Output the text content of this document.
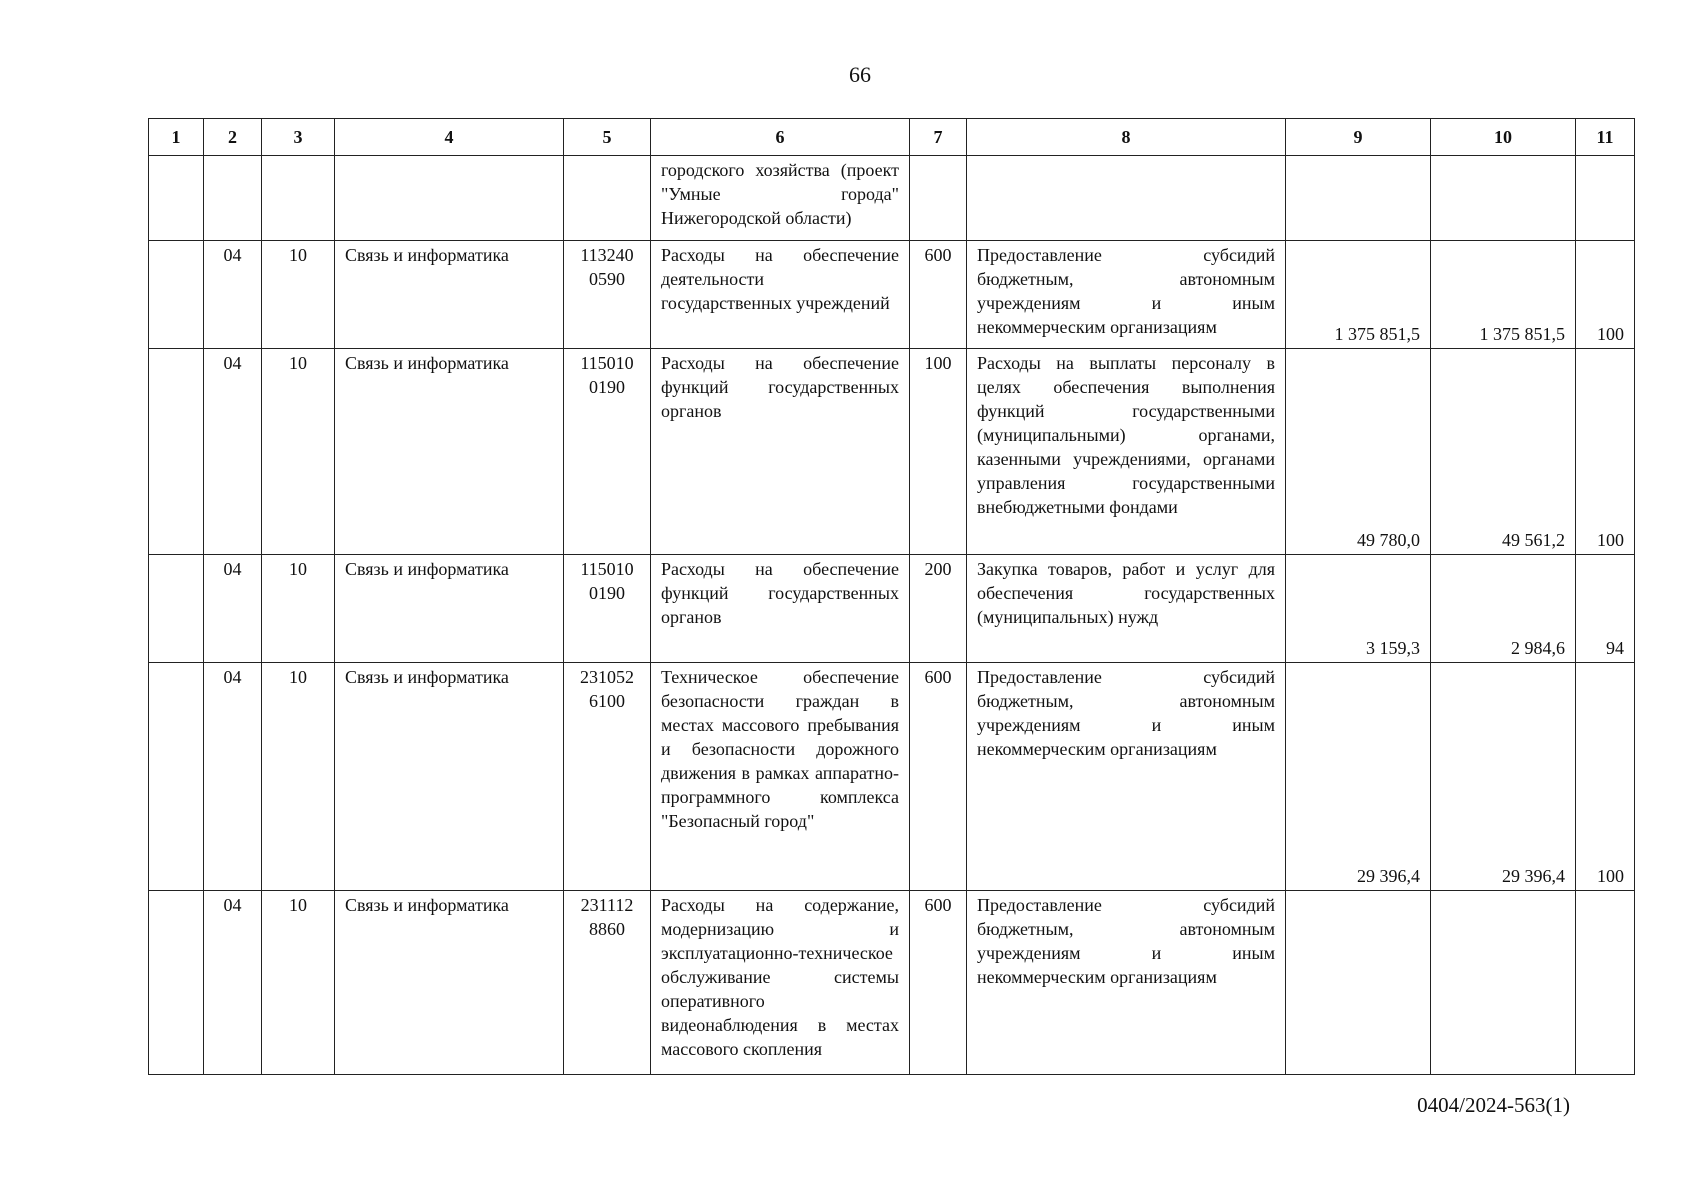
66
1	2	3	4	5	6	7	8	9	10	11
					городского хозяйства (проект "Умные города" Нижегородской области)					
	04	10	Связь и информатика	113240 0590	Расходы на обеспечение деятельности государственных учреждений	600	Предоставление субсидий бюджетным, автономным учреждениям и иным некоммерческим организациям	1 375 851,5	1 375 851,5	100
	04	10	Связь и информатика	115010 0190	Расходы на обеспечение функций государственных органов	100	Расходы на выплаты персоналу в целях обеспечения выполнения функций государственными (муниципальными) органами, казенными учреждениями, органами управления государственными внебюджетными фондами	49 780,0	49 561,2	100
	04	10	Связь и информатика	115010 0190	Расходы на обеспечение функций государственных органов	200	Закупка товаров, работ и услуг для обеспечения государственных (муниципальных) нужд	3 159,3	2 984,6	94
	04	10	Связь и информатика	231052 6100	Техническое обеспечение безопасности граждан в местах массового пребывания и безопасности дорожного движения в рамках аппаратно-программного комплекса "Безопасный город"	600	Предоставление субсидий бюджетным, автономным учреждениям и иным некоммерческим организациям	29 396,4	29 396,4	100
	04	10	Связь и информатика	231112 8860	Расходы на содержание, модернизацию и эксплуатационно-техническое обслуживание системы оперативного видеонаблюдения в местах массового скопления	600	Предоставление субсидий бюджетным, автономным учреждениям и иным некоммерческим организациям			
0404/2024-563(1)
